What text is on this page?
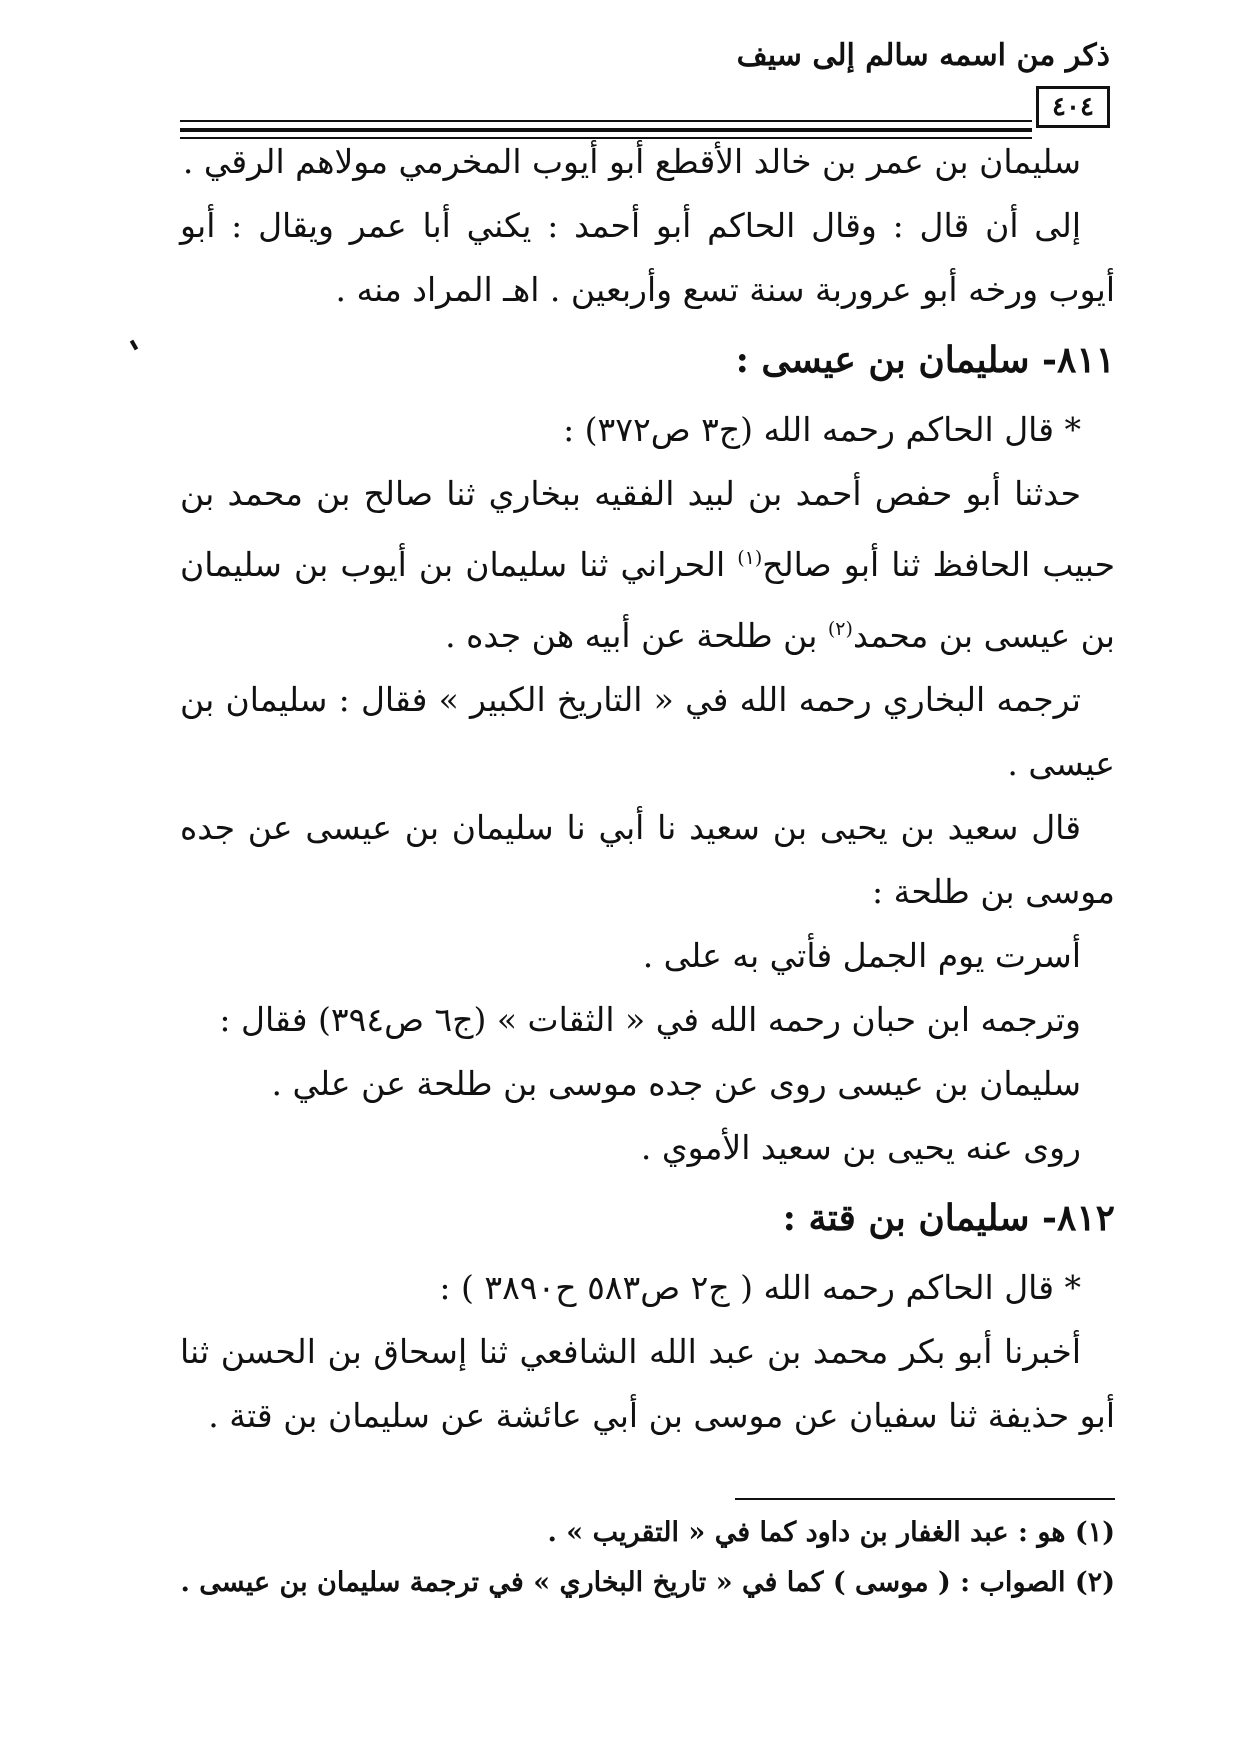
ذكر من اسمه سالم إلى سيف
٤٠٤

سليمان بن عمر بن خالد الأقطع أبو أيوب المخرمي مولاهم الرقي .

إلى أن قال : وقال الحاكم أبو أحمد : يكني أبا عمر ويقال : أبو أيوب ورخه أبو عروربة سنة تسع وأربعين . اهـ المراد منه .

٨١١- سليمان بن عيسى :

* قال الحاكم رحمه الله (ج٣ ص٣٧٢) :

حدثنا أبو حفص أحمد بن لبيد الفقيه ببخاري ثنا صالح بن محمد بن حبيب الحافظ ثنا أبو صالح$^{(١)}$ الحراني ثنا سليمان بن أيوب بن سليمان بن عيسى بن محمد$^{(٢)}$ بن طلحة عن أبيه هن جده .

ترجمه البخاري رحمه الله في « التاريخ الكبير » فقال : سليمان بن عيسى .

قال سعيد بن يحيى بن سعيد نا أبي نا سليمان بن عيسى عن جده موسى بن طلحة :

أسرت يوم الجمل فأتي به على .

وترجمه ابن حبان رحمه الله في « الثقات » (ج٦ ص٣٩٤) فقال :

سليمان بن عيسى روى عن جده موسى بن طلحة عن علي .

روى عنه يحيى بن سعيد الأموي .

٨١٢- سليمان بن قتة :

* قال الحاكم رحمه الله ( ج٢ ص٥٨٣ ح٣٨٩٠ ) :

أخبرنا أبو بكر محمد بن عبد الله الشافعي ثنا إسحاق بن الحسن ثنا أبو حذيفة ثنا سفيان عن موسى بن أبي عائشة عن سليمان بن قتة .

(١) هو : عبد الغفار بن داود كما في « التقريب » .

(٢) الصواب : ( موسى ) كما في « تاريخ البخاري » في ترجمة سليمان بن عيسى .
